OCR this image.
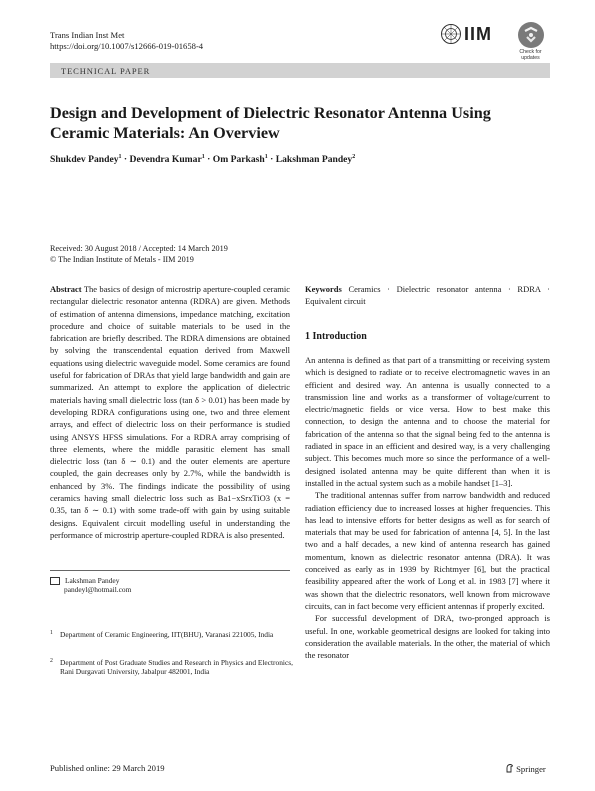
Trans Indian Inst Met
https://doi.org/10.1007/s12666-019-01658-4
IIM
Check for updates
TECHNICAL PAPER
Design and Development of Dielectric Resonator Antenna Using Ceramic Materials: An Overview
Shukdev Pandey$^1$ · Devendra Kumar$^1$ · Om Parkash$^1$ · Lakshman Pandey$^2$
Received: 30 August 2018 / Accepted: 14 March 2019
© The Indian Institute of Metals - IIM 2019
Abstract The basics of design of microstrip aperture-coupled ceramic rectangular dielectric resonator antenna (RDRA) are given. Methods of estimation of antenna dimensions, impedance matching, excitation procedure and choice of suitable materials to be used in the fabrication are briefly described. The RDRA dimensions are obtained by solving the transcendental equation derived from Maxwell equations using dielectric waveguide model. Some ceramics are found useful for fabrication of DRAs that yield large bandwidth and gain are summarized. An attempt to explore the application of dielectric materials having small dielectric loss (tan δ > 0.01) has been made by developing RDRA configurations using one, two and three element arrays, and effect of dielectric loss on their performance is studied using ANSYS HFSS simulations. For a RDRA array comprising of three elements, where the middle parasitic element has small dielectric loss (tan δ ∼ 0.1) and the outer elements are aperture coupled, the gain decreases only by 2.7%, while the bandwidth is enhanced by 3%. The findings indicate the possibility of using ceramics having small dielectric loss such as Ba1−xSrxTiO3 (x = 0.35, tan δ ∼ 0.1) with some trade-off with gain by using suitable designs. Equivalent circuit modelling useful in understanding the performance of microstrip aperture-coupled RDRA is also presented.
Keywords Ceramics · Dielectric resonator antenna · RDRA · Equivalent circuit
1 Introduction

An antenna is defined as that part of a transmitting or receiving system which is designed to radiate or to receive electromagnetic waves in an efficient and desired way. An antenna is usually connected to a transmission line and works as a transformer of voltage/current to electric/magnetic fields or vice versa. How to best make this connection, to design the antenna and to choose the material for fabrication of the antenna so that the signal being fed to the antenna is radiated in space in an efficient and desired way, is a very challenging subject. This becomes much more so since the performance of a well-designed isolated antenna may be quite different than when it is installed in the actual system such as a mobile handset [1–3].

The traditional antennas suffer from narrow bandwidth and reduced radiation efficiency due to increased losses at higher frequencies. This has lead to intensive efforts for better designs as well as for search of materials that may be used for fabrication of antenna [4, 5]. In the last two and a half decades, a new kind of antenna research has gained momentum, known as dielectric resonator antenna (DRA). It was conceived as early as in 1939 by Richtmyer [6], but the practical feasibility appeared after the work of Long et al. in 1983 [7] where it was shown that the dielectric resonators, well known from microwave circuits, can in fact become very efficient antennas if properly excited.

For successful development of DRA, two-pronged approach is useful. In one, workable geometrical designs are looked for taking into consideration the available materials. In the other, the material of which the resonator

Lakshman Pandey
pandeyl@hotmail.com
1 Department of Ceramic Engineering, IIT(BHU), Varanasi 221005, India
2 Department of Post Graduate Studies and Research in Physics and Electronics, Rani Durgavati University, Jabalpur 482001, India
Published online: 29 March 2019	Springer
